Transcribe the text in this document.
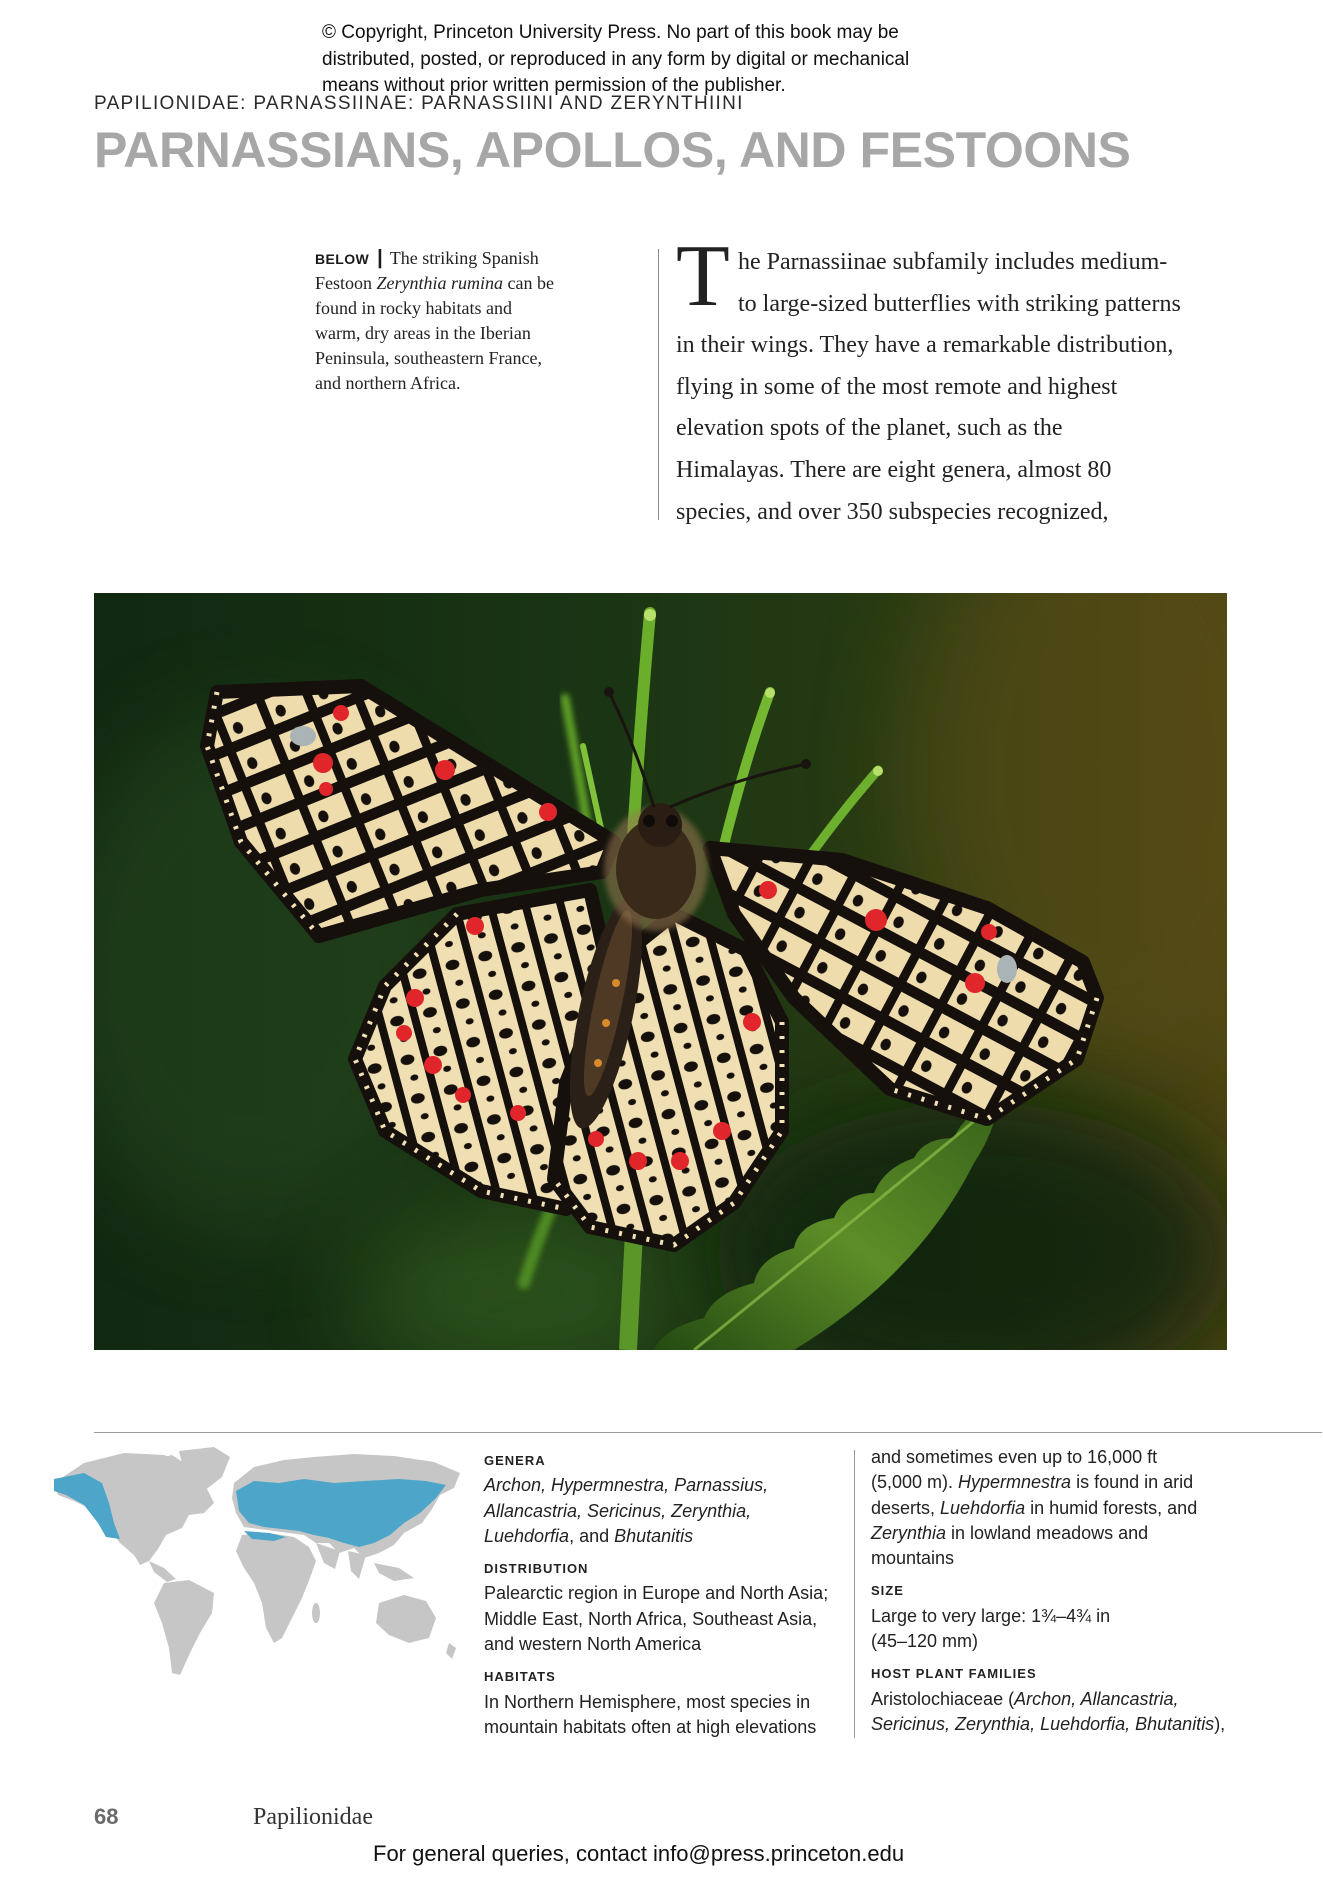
© Copyright, Princeton University Press. No part of this book may be
distributed, posted, or reproduced in any form by digital or mechanical
means without prior written permission of the publisher.
PAPILIONIDAE: PARNASSIINAE: PARNASSIINI AND ZERYNTHIINI
PARNASSIANS, APOLLOS, AND FESTOONS
BELOW | The striking Spanish
Festoon Zerynthia rumina can be
found in rocky habitats and
warm, dry areas in the Iberian
Peninsula, southeastern France,
and northern Africa.
T he Parnassiinae subfamily includes medium-
to large-sized butterflies with striking patterns
in their wings. They have a remarkable distribution,
flying in some of the most remote and highest
elevation spots of the planet, such as the
Himalayas. There are eight genera, almost 80
species, and over 350 subspecies recognized,
GENERA
Archon, Hypermnestra, Parnassius,
Allancastria, Sericinus, Zerynthia,
Luehdorfia, and Bhutanitis
DISTRIBUTION
Palearctic region in Europe and North Asia;
Middle East, North Africa, Southeast Asia,
and western North America
HABITATS
In Northern Hemisphere, most species in
mountain habitats often at high elevations
and sometimes even up to 16,000 ft
(5,000 m). Hypermnestra is found in arid
deserts, Luehdorfia in humid forests, and
Zerynthia in lowland meadows and
mountains
SIZE
Large to very large: 1¾–4¾ in
(45–120 mm)
HOST PLANT FAMILIES
Aristolochiaceae (Archon, Allancastria,
Sericinus, Zerynthia, Luehdorfia, Bhutanitis),
68	Papilionidae
For general queries, contact info@press.princeton.edu
